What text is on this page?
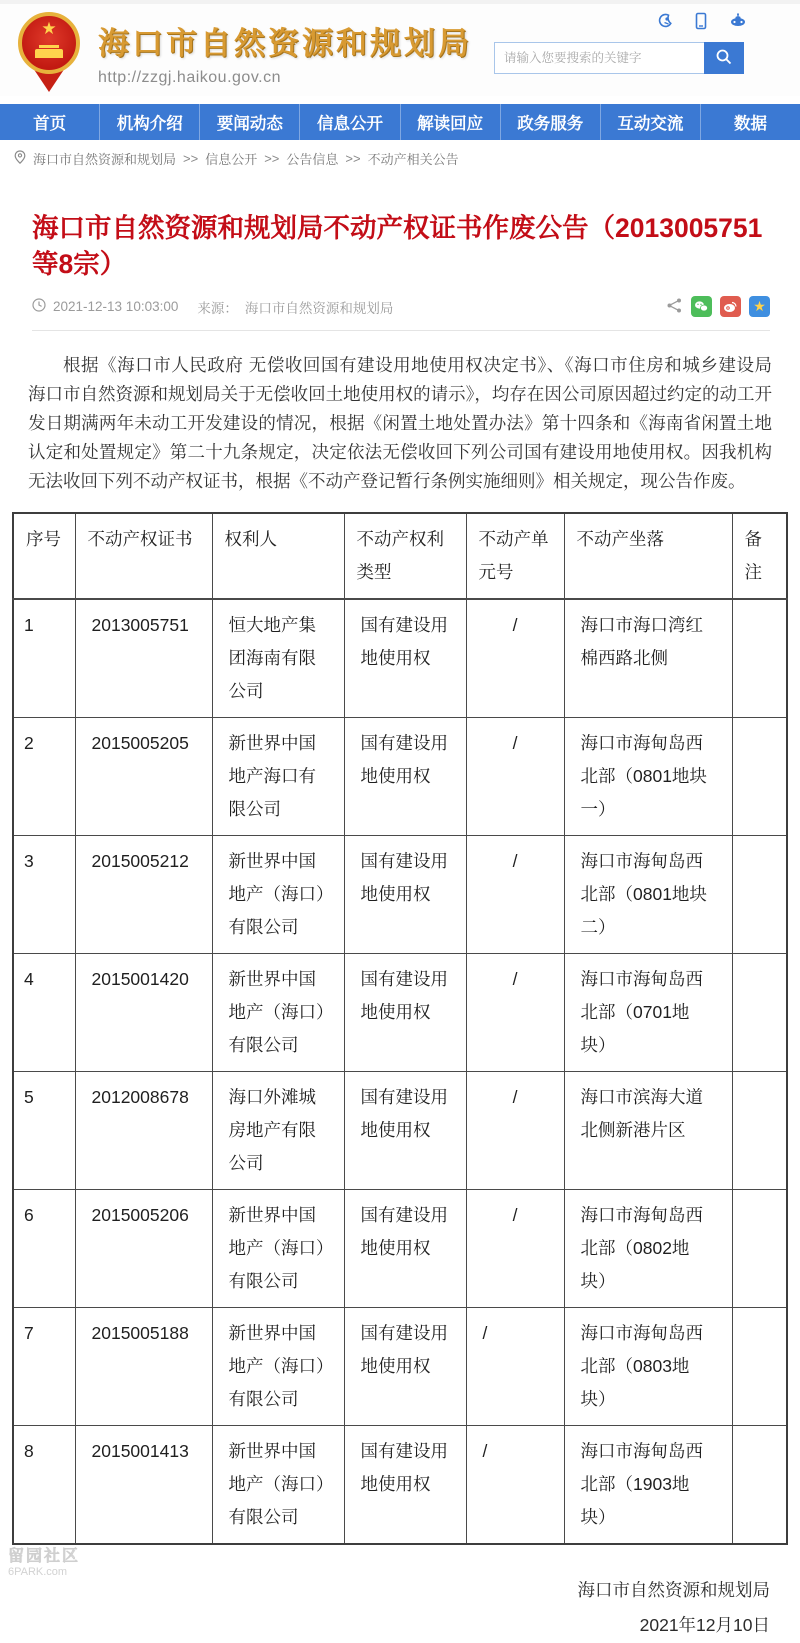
★ 海口市自然资源和规划局
http://zzgj.haikou.gov.cn
请输入您要搜索的关键字
首页	机构介绍	要闻动态	信息公开	解读回应	政务服务	互动交流	数据
海口市自然资源和规划局 >> 信息公开 >> 公告信息 >> 不动产相关公告
海口市自然资源和规划局不动产权证书作废公告（2013005751等8宗）
2021-12-13 10:03:00 来源： 海口市自然资源和规划局	★

根据《海口市人民政府 无偿收回国有建设用地使用权决定书》、《海口市住房和城乡建设局 海口市自然资源和规划局关于无偿收回土地使用权的请示》，均存在因公司原因超过约定的动工开发日期满两年未动工开发建设的情况，根据《闲置土地处置办法》第十四条和《海南省闲置土地认定和处置规定》第二十九条规定，决定依法无偿收回下列公司国有建设用地使用权。因我机构无法收回下列不动产权证书，根据《不动产登记暂行条例实施细则》相关规定，现公告作废。

序号	不动产权证书	权利人	不动产权利类型	不动产单元号	不动产坐落	备注
1	2013005751	恒大地产集团海南有限公司	国有建设用地使用权	/	海口市海口湾红棉西路北侧	
2	2015005205	新世界中国地产海口有限公司	国有建设用地使用权	/	海口市海甸岛西北部（0801地块一）	
3	2015005212	新世界中国地产（海口）有限公司	国有建设用地使用权	/	海口市海甸岛西北部（0801地块二）	
4	2015001420	新世界中国地产（海口）有限公司	国有建设用地使用权	/	海口市海甸岛西北部（0701地块）	
5	2012008678	海口外滩城房地产有限公司	国有建设用地使用权	/	海口市滨海大道北侧新港片区	
6	2015005206	新世界中国地产（海口）有限公司	国有建设用地使用权	/	海口市海甸岛西北部（0802地块）	
7	2015005188	新世界中国地产（海口）有限公司	国有建设用地使用权	/	海口市海甸岛西北部（0803地块）	
8	2015001413	新世界中国地产（海口）有限公司	国有建设用地使用权	/	海口市海甸岛西北部（1903地块）	
海口市自然资源和规划局
2021年12月10日
留园社区
6PARK.com
